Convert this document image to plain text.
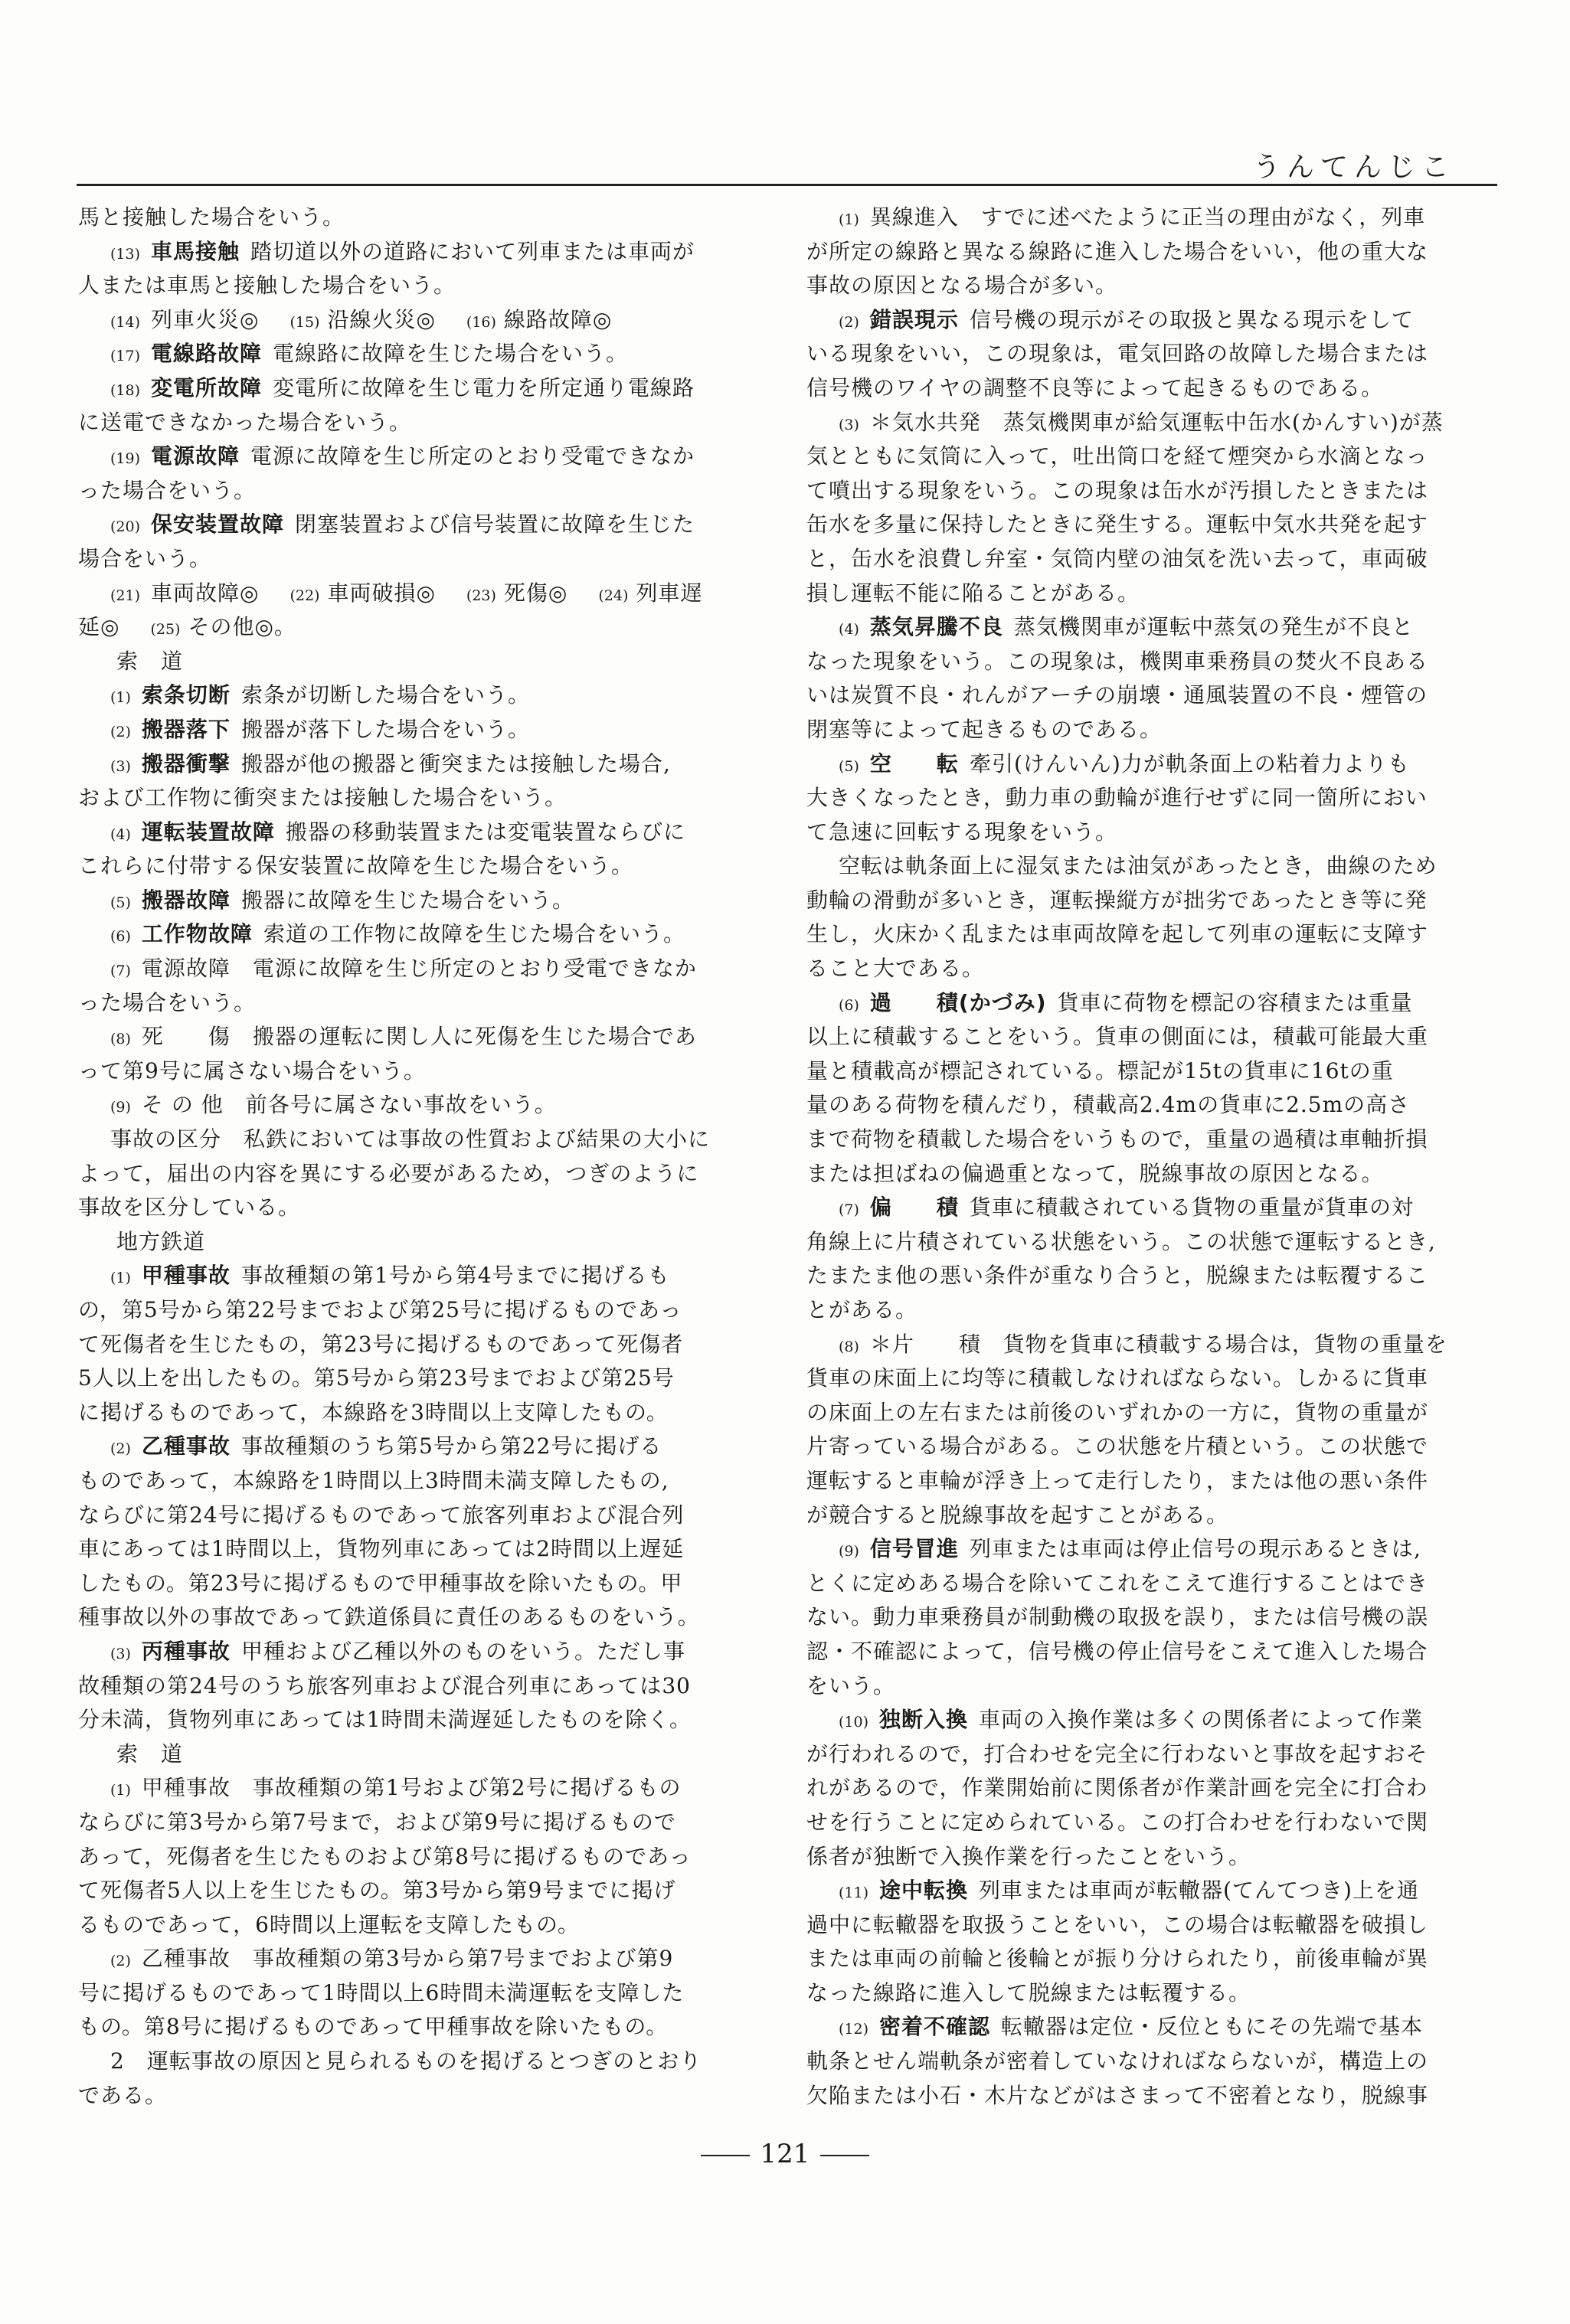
うんてんじこ
馬と接触した場合をいう。
(13) 車馬接触 踏切道以外の道路において列車または車両が
人または車馬と接触した場合をいう。
(14) 列車火災◎ (15) 沿線火災◎ (16) 線路故障◎
(17) 電線路故障 電線路に故障を生じた場合をいう。
(18) 変電所故障 変電所に故障を生じ電力を所定通り電線路
に送電できなかった場合をいう。
(19) 電源故障 電源に故障を生じ所定のとおり受電できなか
った場合をいう。
(20) 保安装置故障 閉塞装置および信号装置に故障を生じた
場合をいう。
(21) 車両故障◎ (22) 車両破損◎ (23) 死傷◎ (24) 列車遅
延◎ (25) その他◎。
索　道
(1) 索条切断 索条が切断した場合をいう。
(2) 搬器落下 搬器が落下した場合をいう。
(3) 搬器衝撃 搬器が他の搬器と衝突または接触した場合,
および工作物に衝突または接触した場合をいう。
(4) 運転装置故障 搬器の移動装置または変電装置ならびに
これらに付帯する保安装置に故障を生じた場合をいう。
(5) 搬器故障 搬器に故障を生じた場合をいう。
(6) 工作物故障 索道の工作物に故障を生じた場合をいう。
(7) 電源故障　電源に故障を生じ所定のとおり受電できなか
った場合をいう。
(8) 死　　傷　搬器の運転に関し人に死傷を生じた場合であ
って第9号に属さない場合をいう。
(9) そ の 他　前各号に属さない事故をいう。
事故の区分　私鉄においては事故の性質および結果の大小に
よって，届出の内容を異にする必要があるため，つぎのように
事故を区分している。
地方鉄道
(1) 甲種事故 事故種類の第1号から第4号までに掲げるも
の，第5号から第22号までおよび第25号に掲げるものであっ
て死傷者を生じたもの，第23号に掲げるものであって死傷者
5人以上を出したもの。第5号から第23号までおよび第25号
に掲げるものであって，本線路を3時間以上支障したもの。
(2) 乙種事故 事故種類のうち第5号から第22号に掲げる
ものであって，本線路を1時間以上3時間未満支障したもの,
ならびに第24号に掲げるものであって旅客列車および混合列
車にあっては1時間以上，貨物列車にあっては2時間以上遅延
したもの。第23号に掲げるもので甲種事故を除いたもの。甲
種事故以外の事故であって鉄道係員に責任のあるものをいう。
(3) 丙種事故 甲種および乙種以外のものをいう。ただし事
故種類の第24号のうち旅客列車および混合列車にあっては30
分未満，貨物列車にあっては1時間未満遅延したものを除く。
索　道
(1) 甲種事故　事故種類の第1号および第2号に掲げるもの
ならびに第3号から第7号まで，および第9号に掲げるもので
あって，死傷者を生じたものおよび第8号に掲げるものであっ
て死傷者5人以上を生じたもの。第3号から第9号までに掲げ
るものであって，6時間以上運転を支障したもの。
(2) 乙種事故　事故種類の第3号から第7号までおよび第9
号に掲げるものであって1時間以上6時間未満運転を支障した
もの。第8号に掲げるものであって甲種事故を除いたもの。
2　運転事故の原因と見られるものを掲げるとつぎのとおり
である。
(1) 異線進入　すでに述べたように正当の理由がなく，列車
が所定の線路と異なる線路に進入した場合をいい，他の重大な
事故の原因となる場合が多い。
(2) 錯誤現示 信号機の現示がその取扱と異なる現示をして
いる現象をいい，この現象は，電気回路の故障した場合または
信号機のワイヤの調整不良等によって起きるものである。
(3) ＊気水共発　蒸気機関車が給気運転中缶水(かんすい)が蒸
気とともに気筒に入って，吐出筒口を経て煙突から水滴となっ
て噴出する現象をいう。この現象は缶水が汚損したときまたは
缶水を多量に保持したときに発生する。運転中気水共発を起す
と，缶水を浪費し弁室・気筒内壁の油気を洗い去って，車両破
損し運転不能に陥ることがある。
(4) 蒸気昇騰不良 蒸気機関車が運転中蒸気の発生が不良と
なった現象をいう。この現象は，機関車乗務員の焚火不良ある
いは炭質不良・れんがアーチの崩壊・通風装置の不良・煙管の
閉塞等によって起きるものである。
(5) 空　　転 牽引(けんいん)力が軌条面上の粘着力よりも
大きくなったとき，動力車の動輪が進行せずに同一箇所におい
て急速に回転する現象をいう。
空転は軌条面上に湿気または油気があったとき，曲線のため
動輪の滑動が多いとき，運転操縦方が拙劣であったとき等に発
生し，火床かく乱または車両故障を起して列車の運転に支障す
ること大である。
(6) 過　　積(かづみ) 貨車に荷物を標記の容積または重量
以上に積載することをいう。貨車の側面には，積載可能最大重
量と積載高が標記されている。標記が15tの貨車に16tの重
量のある荷物を積んだり，積載高2.4mの貨車に2.5mの高さ
まで荷物を積載した場合をいうもので，重量の過積は車軸折損
または担ばねの偏過重となって，脱線事故の原因となる。
(7) 偏　　積 貨車に積載されている貨物の重量が貨車の対
角線上に片積されている状態をいう。この状態で運転するとき,
たまたま他の悪い条件が重なり合うと，脱線または転覆するこ
とがある。
(8) ＊片　　積　貨物を貨車に積載する場合は，貨物の重量を
貨車の床面上に均等に積載しなければならない。しかるに貨車
の床面上の左右または前後のいずれかの一方に，貨物の重量が
片寄っている場合がある。この状態を片積という。この状態で
運転すると車輪が浮き上って走行したり，または他の悪い条件
が競合すると脱線事故を起すことがある。
(9) 信号冒進 列車または車両は停止信号の現示あるときは,
とくに定めある場合を除いてこれをこえて進行することはでき
ない。動力車乗務員が制動機の取扱を誤り，または信号機の誤
認・不確認によって，信号機の停止信号をこえて進入した場合
をいう。
(10) 独断入換 車両の入換作業は多くの関係者によって作業
が行われるので，打合わせを完全に行わないと事故を起すおそ
れがあるので，作業開始前に関係者が作業計画を完全に打合わ
せを行うことに定められている。この打合わせを行わないで関
係者が独断で入換作業を行ったことをいう。
(11) 途中転換 列車または車両が転轍器(てんてつき)上を通
過中に転轍器を取扱うことをいい，この場合は転轍器を破損し
または車両の前輪と後輪とが振り分けられたり，前後車輪が異
なった線路に進入して脱線または転覆する。
(12) 密着不確認 転轍器は定位・反位ともにその先端で基本
軌条とせん端軌条が密着していなければならないが，構造上の
欠陥または小石・木片などがはさまって不密着となり，脱線事
121
